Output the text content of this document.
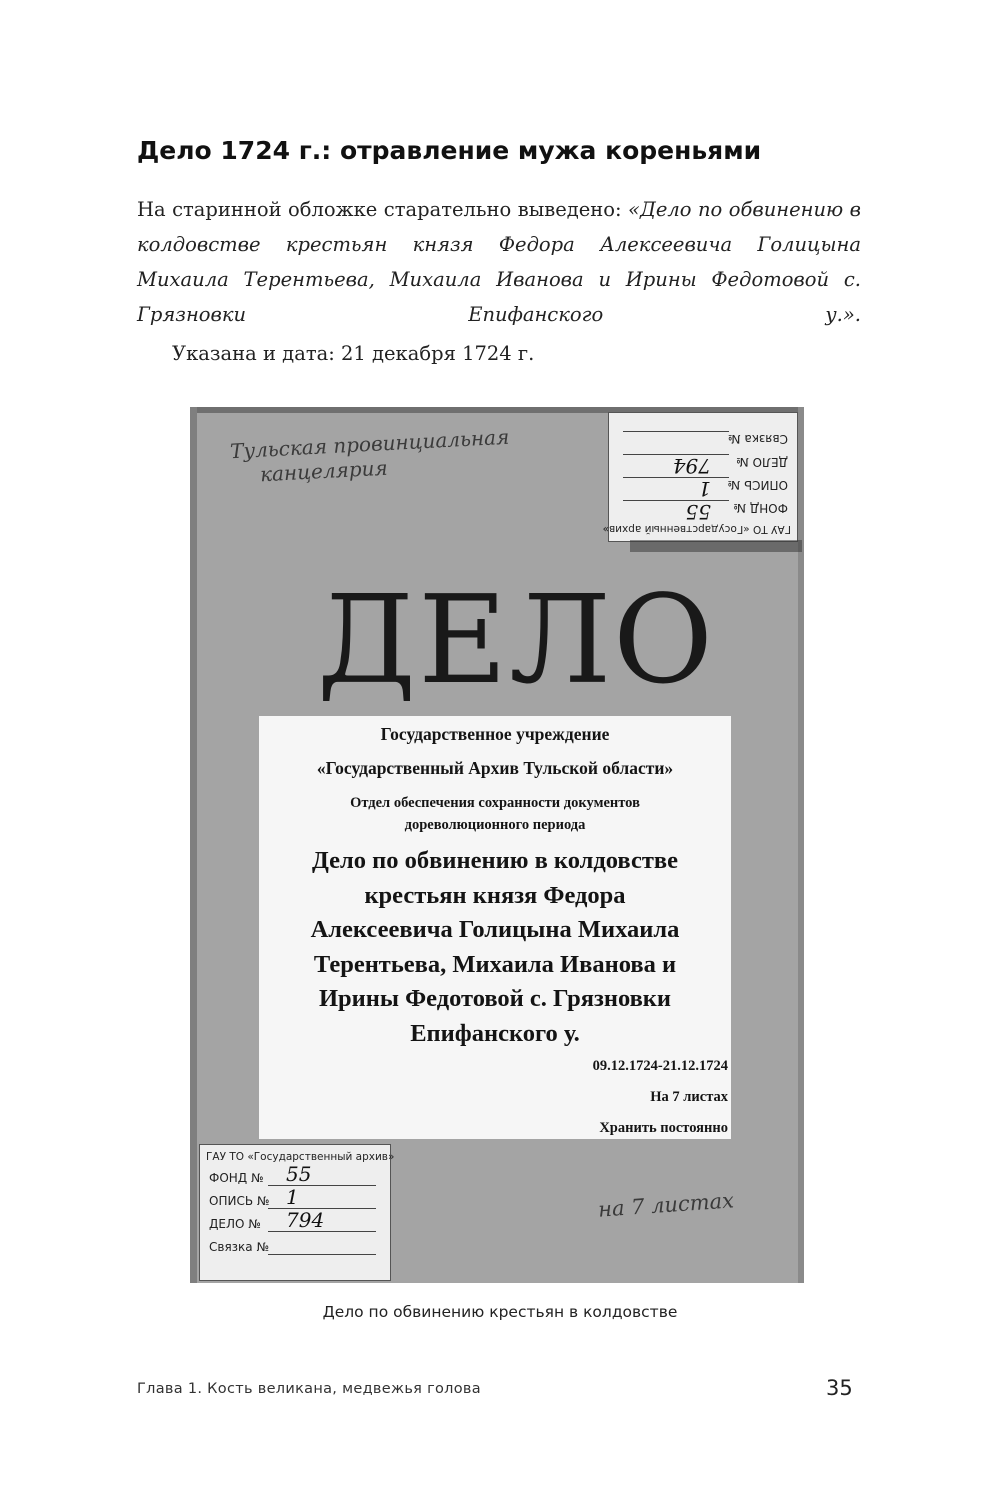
Дело 1724 г.: отравление мужа кореньями
На старинной обложке старательно выведено: «Дело по обвинению в колдовстве крестьян князя Федора Алексеевича Голицына Михаила Терентьева, Михаила Иванова и Ирины Федотовой с. Грязновки Епифанского у.».
Указана и дата: 21 декабря 1724 г.
Тульская провинциальная
канцелярия
ГАУ ТО «Государственный архив»
ФОНД №
55
ОПИСЬ №
1
ДЕЛО №
794
Связка №
ДЕЛО
Государственное учреждение
«Государственный Архив Тульской области»
Отдел обеспечения сохранности документов
дореволюционного периода
Дело по обвинению в колдовстве
крестьян князя Федора
Алексеевича Голицына Михаила
Терентьева, Михаила Иванова и
Ирины Федотовой с. Грязновки
Епифанского у.
09.12.1724-21.12.1724
На 7 листах
Хранить постоянно
ГАУ ТО «Государственный архив»
ФОНД № 55
ОПИСЬ № 1
ДЕЛО № 794
Связка №
на 7 листах
Дело по обвинению крестьян в колдовстве
Глава 1. Кость великана, медвежья голова	35
